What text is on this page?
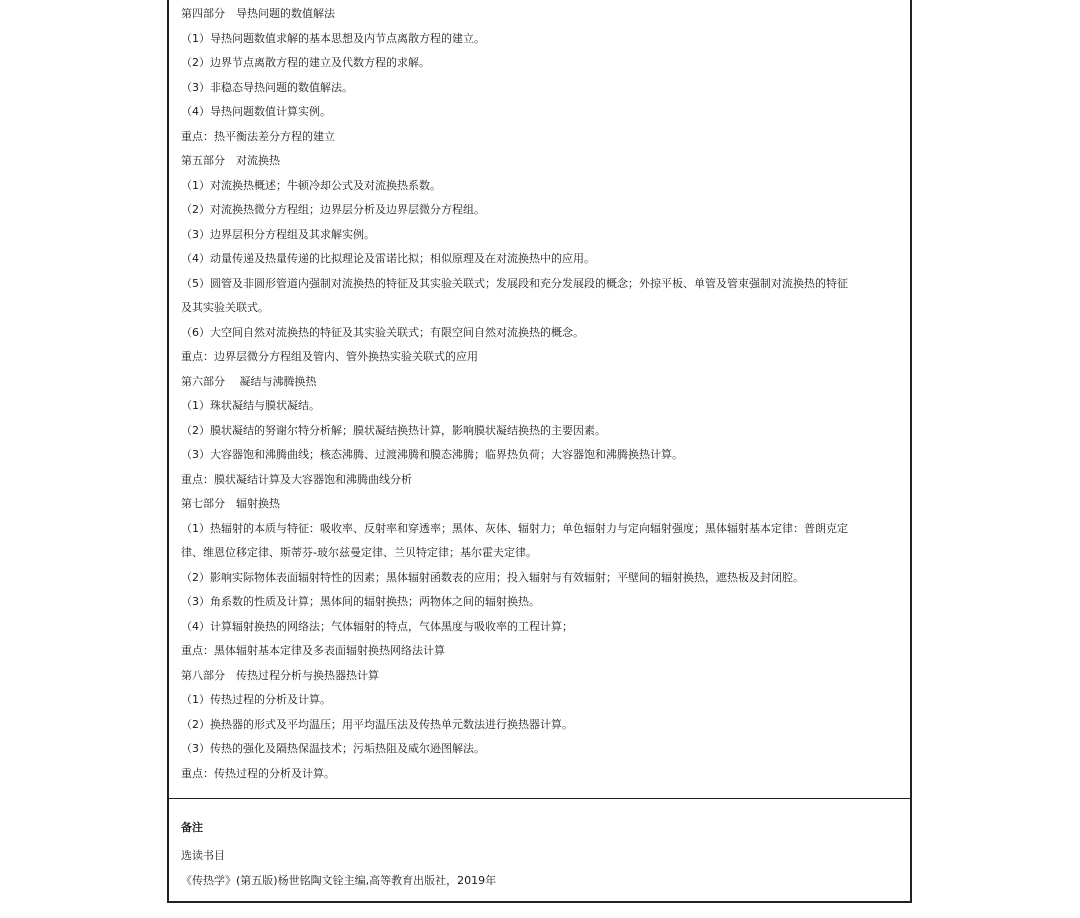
第四部分　导热问题的数值解法
（1）导热问题数值求解的基本思想及内节点离散方程的建立。
（2）边界节点离散方程的建立及代数方程的求解。
（3）非稳态导热问题的数值解法。
（4）导热问题数值计算实例。
重点：热平衡法差分方程的建立
第五部分　对流换热
（1）对流换热概述；牛顿冷却公式及对流换热系数。
（2）对流换热微分方程组；边界层分析及边界层微分方程组。
（3）边界层积分方程组及其求解实例。
（4）动量传递及热量传递的比拟理论及雷诺比拟；相似原理及在对流换热中的应用。
（5）圆管及非圆形管道内强制对流换热的特征及其实验关联式；发展段和充分发展段的概念；外掠平板、单管及管束强制对流换热的特征
及其实验关联式。
（6）大空间自然对流换热的特征及其实验关联式；有限空间自然对流换热的概念。
重点：边界层微分方程组及管内、管外换热实验关联式的应用
第六部分　 凝结与沸腾换热
（1）珠状凝结与膜状凝结。
（2）膜状凝结的努谢尔特分析解；膜状凝结换热计算，影响膜状凝结换热的主要因素。
（3）大容器饱和沸腾曲线；核态沸腾、过渡沸腾和膜态沸腾；临界热负荷；大容器饱和沸腾换热计算。
重点：膜状凝结计算及大容器饱和沸腾曲线分析
第七部分　辐射换热
（1）热辐射的本质与特征：吸收率、反射率和穿透率；黑体、灰体、辐射力；单色辐射力与定向辐射强度；黑体辐射基本定律：普朗克定
律、维恩位移定律、斯蒂芬-玻尔兹曼定律、兰贝特定律；基尔霍夫定律。
（2）影响实际物体表面辐射特性的因素；黑体辐射函数表的应用；投入辐射与有效辐射；平壁间的辐射换热，遮热板及封闭腔。
（3）角系数的性质及计算；黑体间的辐射换热；两物体之间的辐射换热。
（4）计算辐射换热的网络法；气体辐射的特点，气体黑度与吸收率的工程计算；
重点：黑体辐射基本定律及多表面辐射换热网络法计算
第八部分　传热过程分析与换热器热计算
（1）传热过程的分析及计算。
（2）换热器的形式及平均温压；用平均温压法及传热单元数法进行换热器计算。
（3）传热的强化及隔热保温技术；污垢热阻及威尔逊图解法。
重点：传热过程的分析及计算。
备注
选读书目
《传热学》(第五版)杨世铭陶文铨主编,高等教育出版社，2019年
